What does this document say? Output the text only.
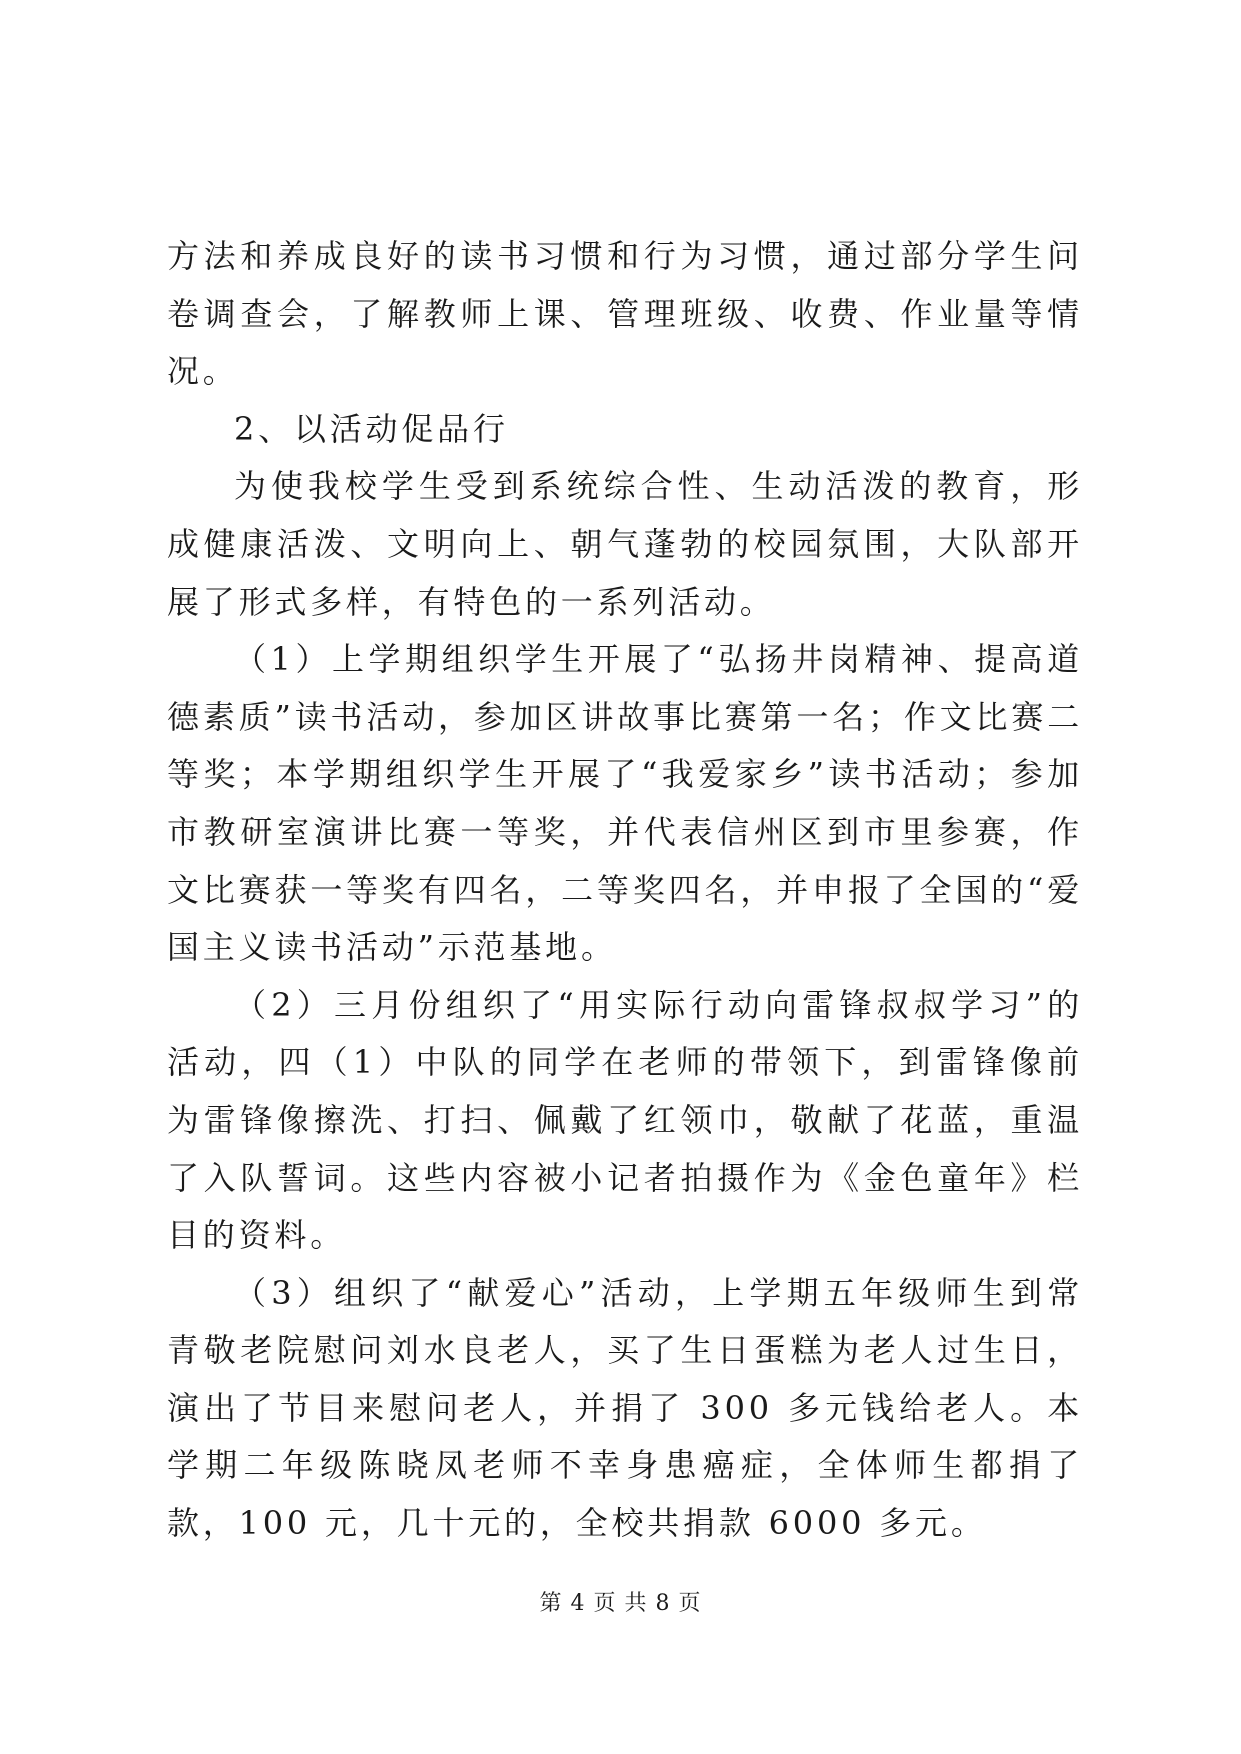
方法和养成良好的读书习惯和行为习惯，通过部分学生问卷调查会，了解教师上课、管理班级、收费、作业量等情况。

2、以活动促品行

为使我校学生受到系统综合性、生动活泼的教育，形成健康活泼、文明向上、朝气蓬勃的校园氛围，大队部开展了形式多样，有特色的一系列活动。

（1）上学期组织学生开展了“弘扬井岗精神、提高道德素质”读书活动，参加区讲故事比赛第一名；作文比赛二等奖；本学期组织学生开展了“我爱家乡”读书活动；参加市教研室演讲比赛一等奖，并代表信州区到市里参赛，作文比赛获一等奖有四名，二等奖四名，并申报了全国的“爱国主义读书活动”示范基地。

（2）三月份组织了“用实际行动向雷锋叔叔学习”的活动，四（1）中队的同学在老师的带领下，到雷锋像前为雷锋像擦洗、打扫、佩戴了红领巾，敬献了花蓝，重温了入队誓词。这些内容被小记者拍摄作为《金色童年》栏目的资料。

（3）组织了“献爱心”活动，上学期五年级师生到常青敬老院慰问刘水良老人，买了生日蛋糕为老人过生日，演出了节目来慰问老人，并捐了 300 多元钱给老人。本学期二年级陈晓凤老师不幸身患癌症，全体师生都捐了款，100 元，几十元的，全校共捐款 6000 多元。

第 4 页 共 8 页
